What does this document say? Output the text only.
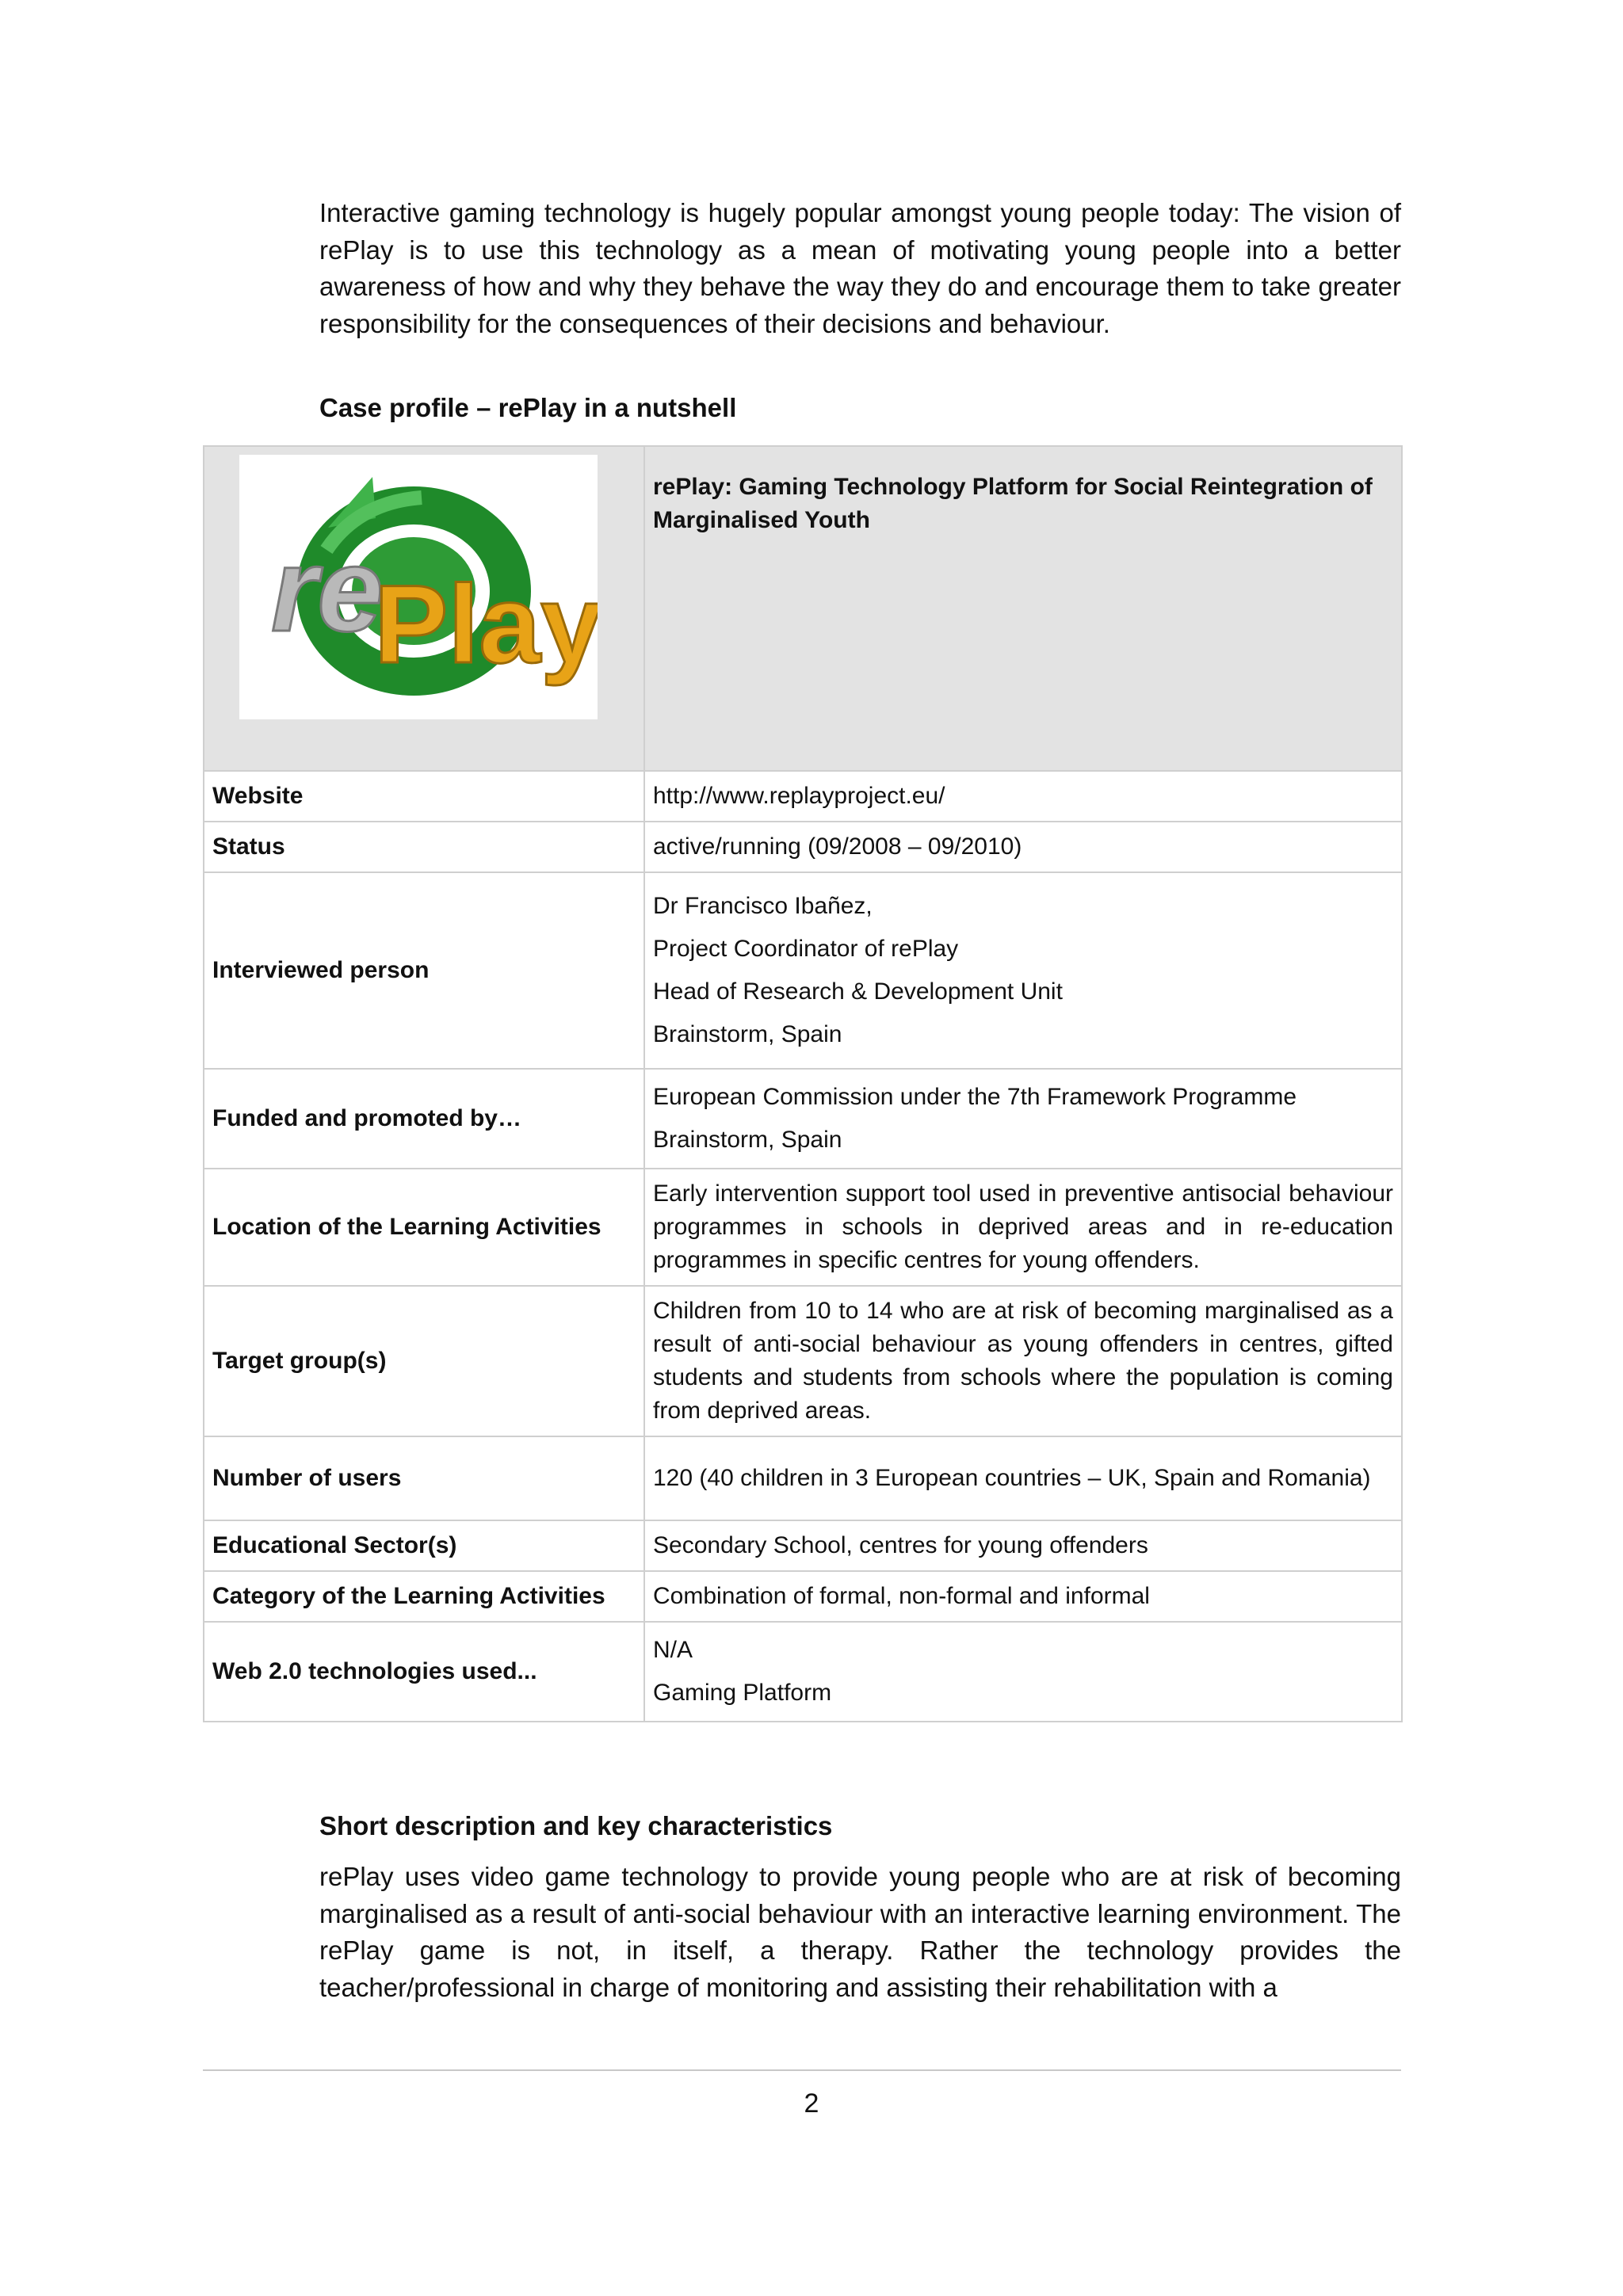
Interactive gaming technology is hugely popular amongst young people today: The vision of rePlay is to use this technology as a mean of motivating young people into a better awareness of how and why they behave the way they do and encourage them to take greater responsibility for the consequences of their decisions and behaviour.

Case profile – rePlay in a nutshell
re
Play	rePlay: Gaming Technology Platform for Social Reintegration of Marginalised Youth
Website	http://www.replayproject.eu/
Status	active/running (09/2008 – 09/2010)
Interviewed person	Dr Francisco Ibañez,
Project Coordinator of rePlay
Head of Research & Development Unit
Brainstorm, Spain

Funded and promoted by…	European Commission under the 7th Framework Programme
Brainstorm, Spain

Location of the Learning Activities	Early intervention support tool used in preventive antisocial behaviour programmes in schools in deprived areas and in re-education programmes in specific centres for young offenders.
Target group(s)	Children from 10 to 14 who are at risk of becoming marginalised as a result of anti-social behaviour as young offenders in centres, gifted students and students from schools where the population is coming from deprived areas.
Number of users	120 (40 children in 3 European countries – UK, Spain and Romania)
Educational Sector(s)	Secondary School, centres for young offenders
Category of the Learning Activities	Combination of formal, non-formal and informal
Web 2.0 technologies used...	N/A
Gaming Platform
Short description and key characteristics

rePlay uses video game technology to provide young people who are at risk of becoming marginalised as a result of anti-social behaviour with an interactive learning environment. The rePlay game is not, in itself, a therapy. Rather the technology provides the teacher/professional in charge of monitoring and assisting their rehabilitation with a

2
